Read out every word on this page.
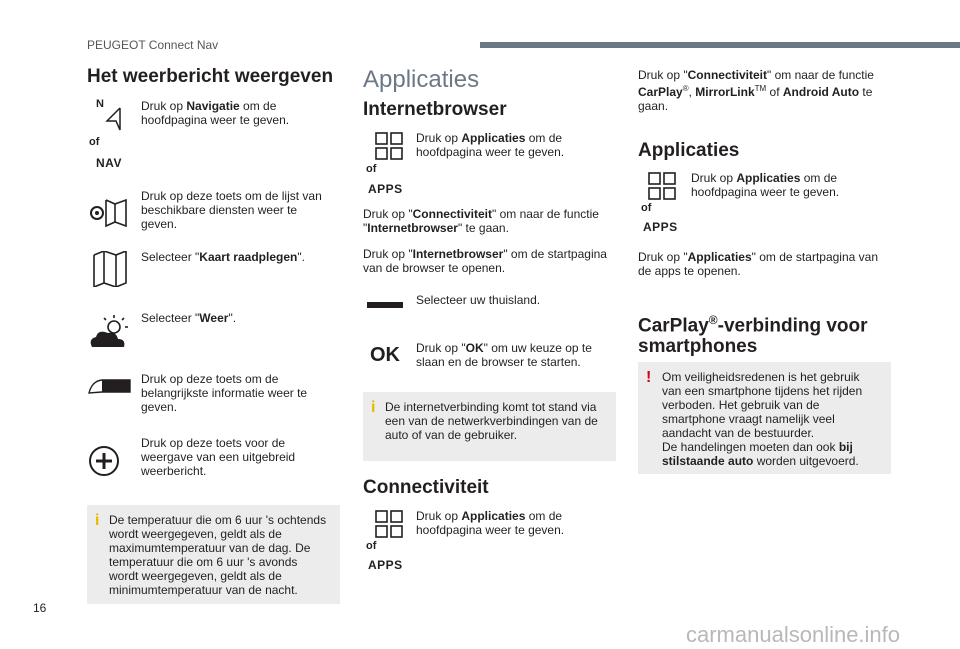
PEUGEOT Connect Nav
Het weerbericht weergeven
N
of
NAV

Druk op Navigatie om de hoofdpagina weer te geven.

Druk op deze toets om de lijst van beschikbare diensten weer te geven.

Selecteer "Kaart raadplegen".

Selecteer "Weer".

Druk op deze toets om de belangrijkste informatie weer te geven.

Druk op deze toets voor de weergave van een uitgebreid weerbericht.

i De temperatuur die om 6 uur 's ochtends wordt weergegeven, geldt als de maximumtemperatuur van de dag. De temperatuur die om 6 uur 's avonds wordt weergegeven, geldt als de minimumtemperatuur van de nacht.
Applicaties
Internetbrowser
of
APPS

Druk op Applicaties om de hoofdpagina weer te geven.

Druk op "Connectiviteit" om naar de functie "Internetbrowser" te gaan.

Druk op "Internetbrowser" om de startpagina van de browser te openen.

Selecteer uw thuisland.

OK Druk op "OK" om uw keuze op te slaan en de browser te starten.

i De internetverbinding komt tot stand via een van de netwerkverbindingen van de auto of van de gebruiker.
Connectiviteit
of
APPS

Druk op Applicaties om de hoofdpagina weer te geven.

Druk op "Connectiviteit" om naar de functie CarPlay®, MirrorLink™ of Android Auto te gaan.

Applicaties
of
APPS

Druk op Applicaties om de hoofdpagina weer te geven.

Druk op "Applicaties" om de startpagina van de apps te openen.

CarPlay®-verbinding voor smartphones
! Om veiligheidsredenen is het gebruik van een smartphone tijdens het rijden verboden. Het gebruik van de smartphone vraagt namelijk veel aandacht van de bestuurder.
De handelingen moeten dan ook bij stilstaande auto worden uitgevoerd.
16
carmanualsonline.info
